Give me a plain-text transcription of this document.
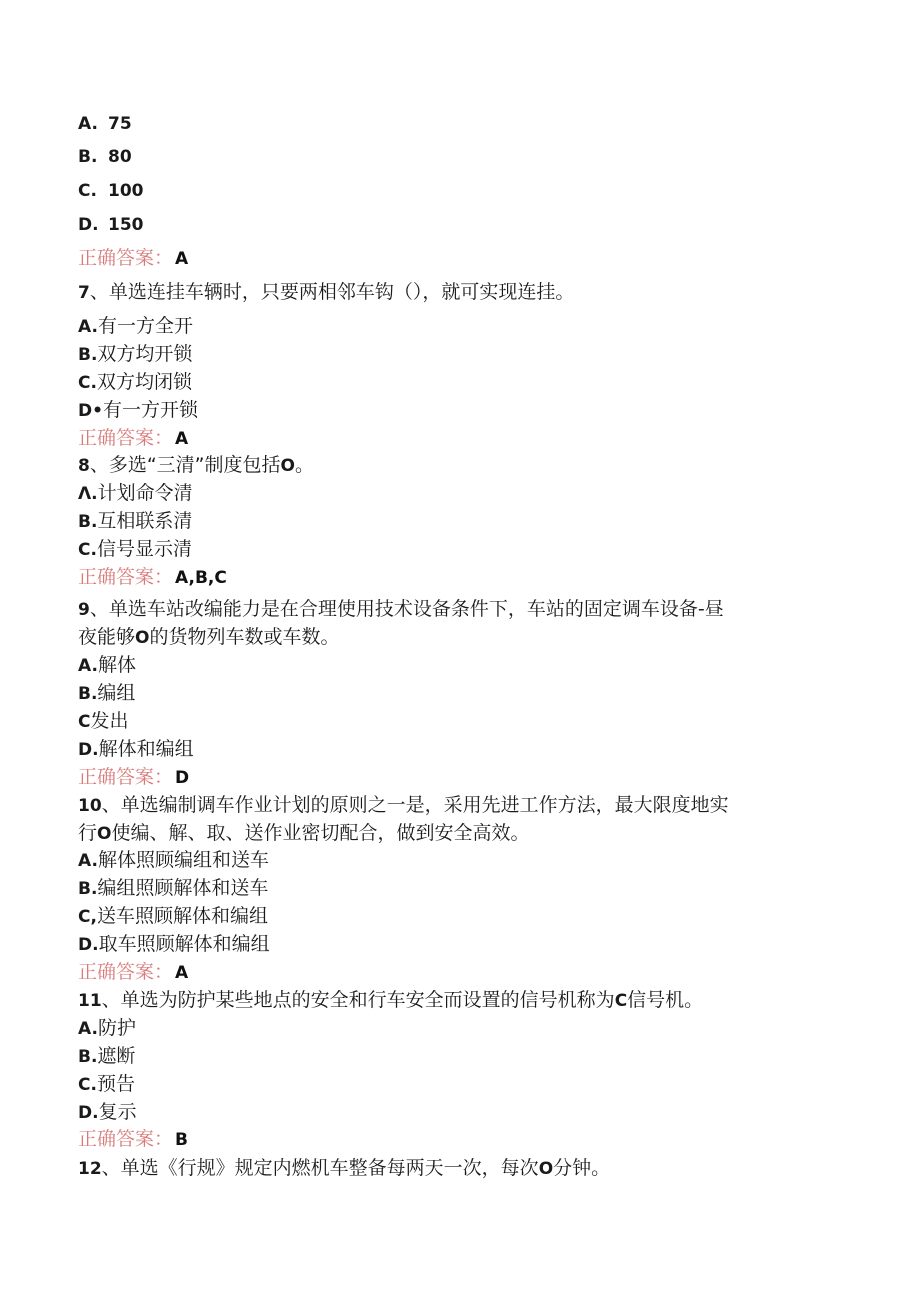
A. 75
B. 80
C. 100
D. 150
正确答案： A
7、单选连挂车辆时，只要两相邻车钩（），就可实现连挂。
A.有一方全开
B.双方均开锁
C.双方均闭锁
D•有一方开锁
正确答案： A
8、多选“三清”制度包括O。
Λ.计划命令清
B.互相联系清
C.信号显示清
正确答案： A,B,C
9、单选车站改编能力是在合理使用技术设备条件下，车站的固定调车设备-昼
夜能够O的货物列车数或车数。
A.解体
B.编组
C发出
D.解体和编组
正确答案： D
10、单选编制调车作业计划的原则之一是，采用先进工作方法，最大限度地实
行O使编、解、取、送作业密切配合，做到安全高效。
A.解体照顾编组和送车
B.编组照顾解体和送车
C,送车照顾解体和编组
D.取车照顾解体和编组
正确答案： A
11、单选为防护某些地点的安全和行车安全而设置的信号机称为C信号机。
A.防护
B.遮断
C.预告
D.复示
正确答案： B
12、单选《行规》规定内燃机车整备每两天一次，每次O分钟。
